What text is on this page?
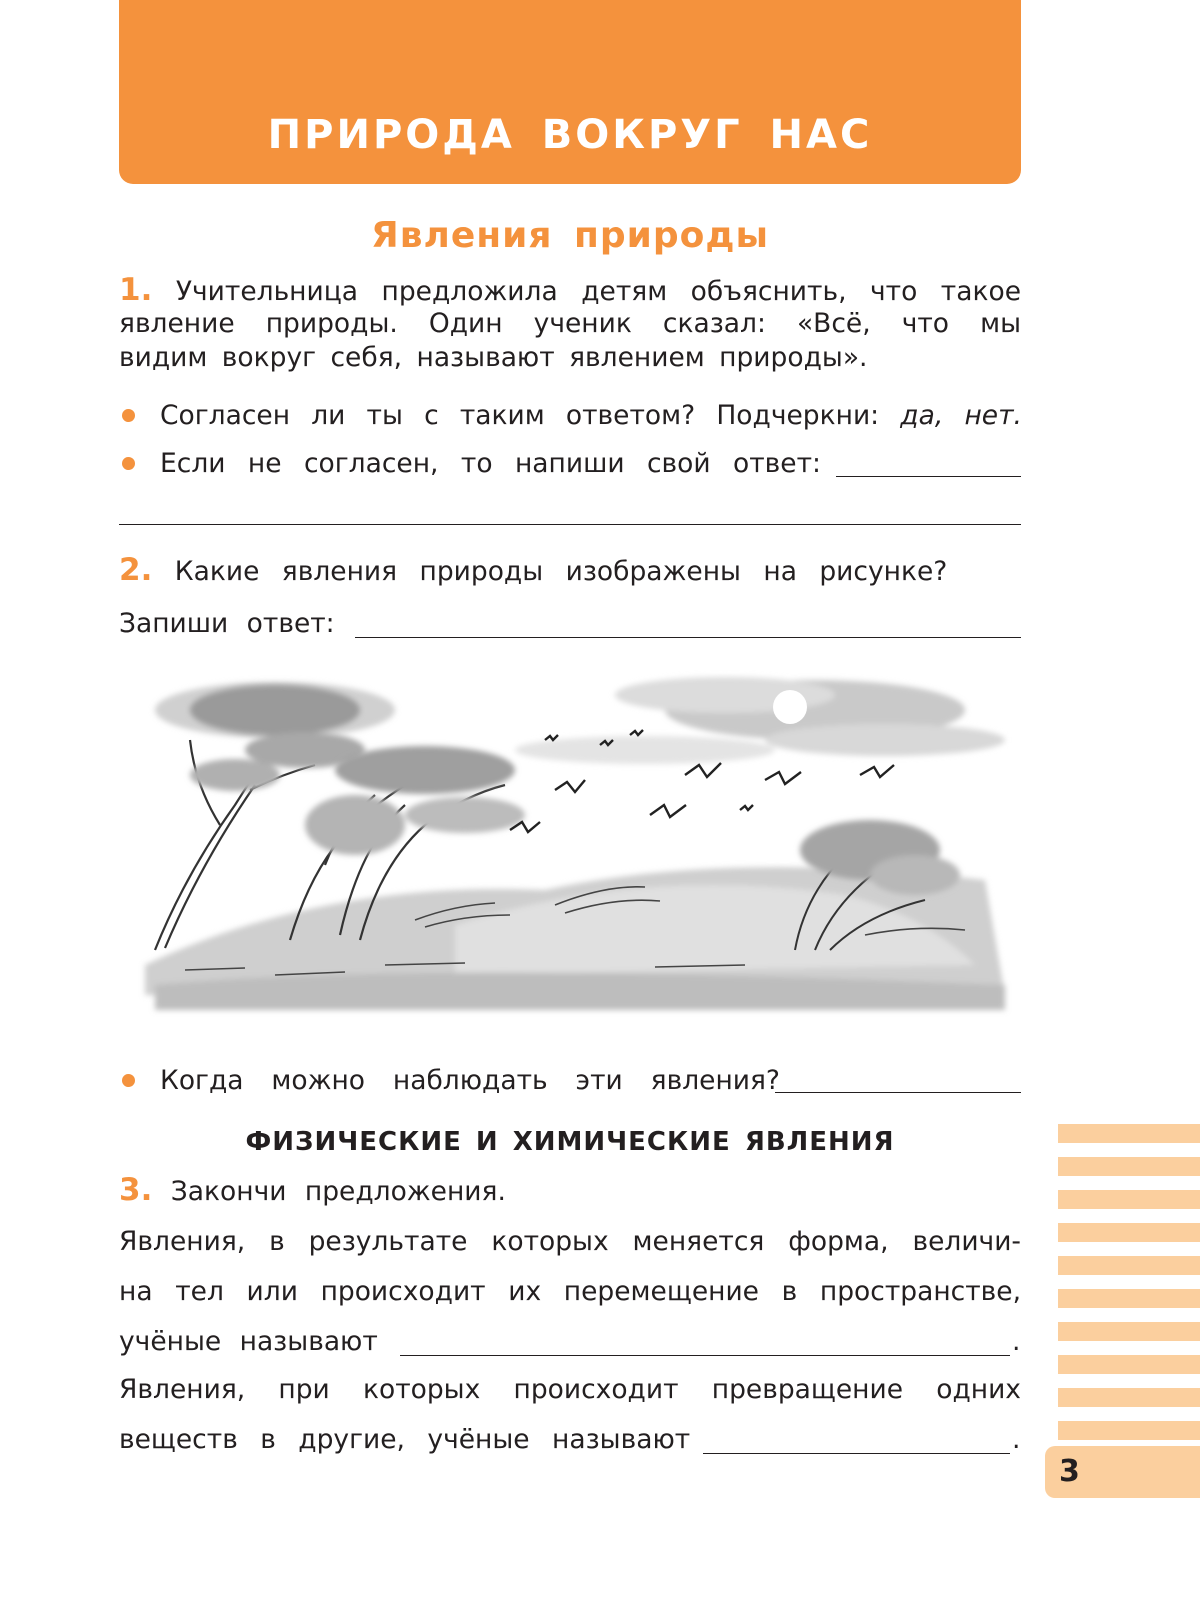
ПРИРОДА ВОКРУГ НАС
Явления природы
1. Учительница предложила детям объяснить, что такое
явление природы. Один ученик сказал: «Всё, что мы
видим вокруг себя, называют явлением природы».
Согласен ли ты с таким ответом? Подчеркни: да, нет.
Если не согласен, то напиши свой ответ:
2. Какие явления природы изображены на рисунке?
Запиши ответ:
Когда можно наблюдать эти явления?
ФИЗИЧЕСКИЕ И ХИМИЧЕСКИЕ ЯВЛЕНИЯ
3. Закончи предложения.
Явления, в результате которых меняется форма, величи-
на тел или происходит их перемещение в пространстве,
учёные называют	.
Явления, при которых происходит превращение одних
веществ в другие, учёные называют	.
3
